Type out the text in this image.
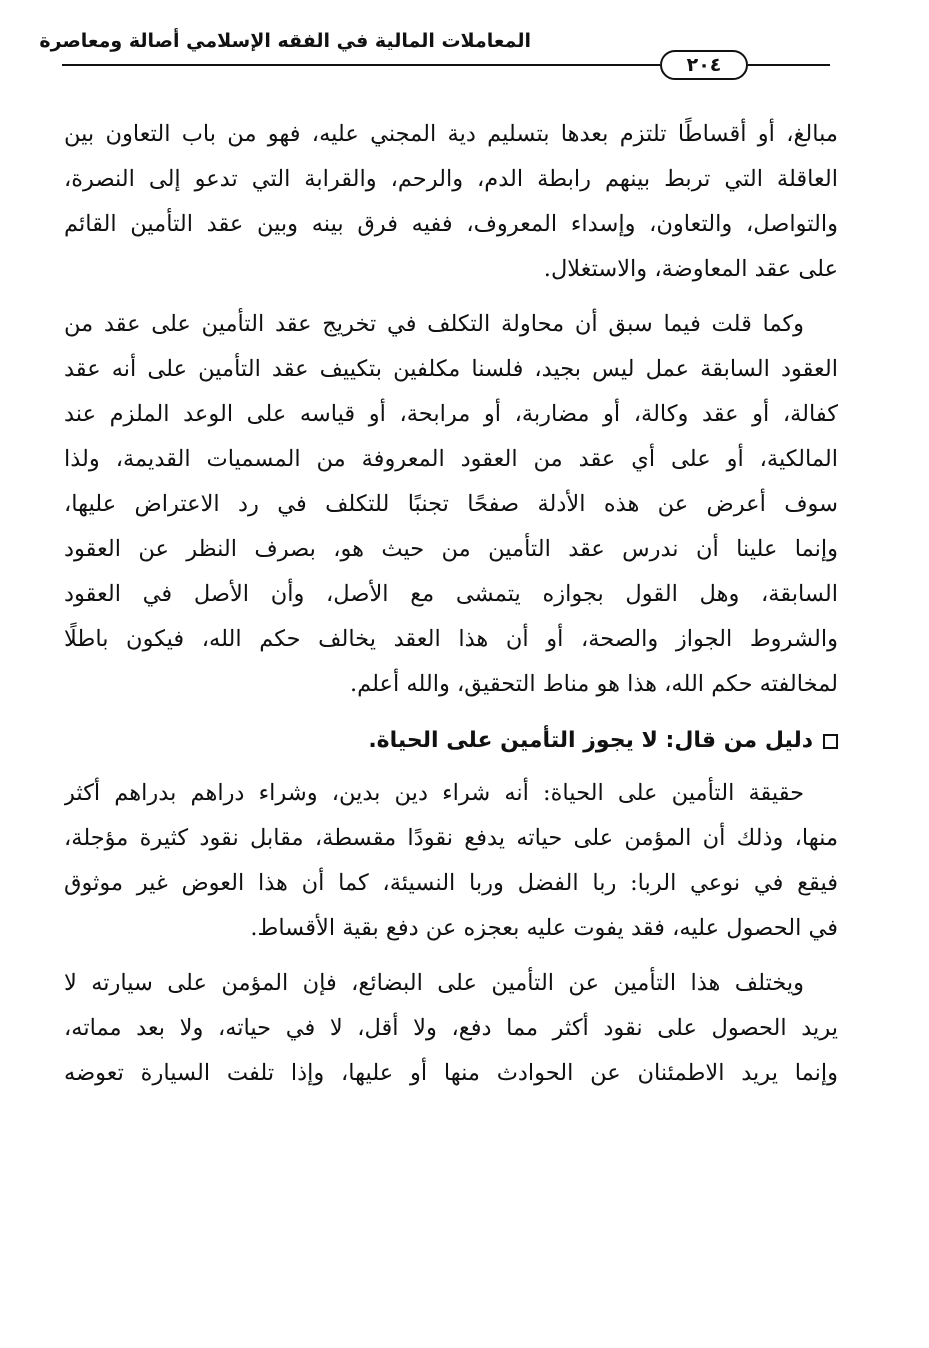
المعاملات المالية في الفقه الإسلامي أصالة ومعاصرة
٢٠٤

مبالغ، أو أقساطًا تلتزم بعدها بتسليم دية المجني عليه، فهو من باب التعاون بين
العاقلة التي تربط بينهم رابطة الدم، والرحم، والقرابة التي تدعو إلى النصرة،
والتواصل، والتعاون، وإسداء المعروف، ففيه فرق بينه وبين عقد التأمين القائم
على عقد المعاوضة، والاستغلال.

وكما قلت فيما سبق أن محاولة التكلف في تخريج عقد التأمين على عقد من
العقود السابقة عمل ليس بجيد، فلسنا مكلفين بتكييف عقد التأمين على أنه عقد
كفالة، أو عقد وكالة، أو مضاربة، أو مرابحة، أو قياسه على الوعد الملزم عند
المالكية، أو على أي عقد من العقود المعروفة من المسميات القديمة، ولذا
سوف أعرض عن هذه الأدلة صفحًا تجنبًا للتكلف في رد الاعتراض عليها،
وإنما علينا أن ندرس عقد التأمين من حيث هو، بصرف النظر عن العقود
السابقة، وهل القول بجوازه يتمشى مع الأصل، وأن الأصل في العقود
والشروط الجواز والصحة، أو أن هذا العقد يخالف حكم الله، فيكون باطلًا
لمخالفته حكم الله، هذا هو مناط التحقيق، والله أعلم.

دليل من قال: لا يجوز التأمين على الحياة.

حقيقة التأمين على الحياة: أنه شراء دين بدين، وشراء دراهم بدراهم أكثر
منها، وذلك أن المؤمن على حياته يدفع نقودًا مقسطة، مقابل نقود كثيرة مؤجلة،
فيقع في نوعي الربا: ربا الفضل وربا النسيئة، كما أن هذا العوض غير موثوق
في الحصول عليه، فقد يفوت عليه بعجزه عن دفع بقية الأقساط.

ويختلف هذا التأمين عن التأمين على البضائع، فإن المؤمن على سيارته لا
يريد الحصول على نقود أكثر مما دفع، ولا أقل، لا في حياته، ولا بعد مماته،
وإنما يريد الاطمئنان عن الحوادث منها أو عليها، وإذا تلفت السيارة تعوضه
